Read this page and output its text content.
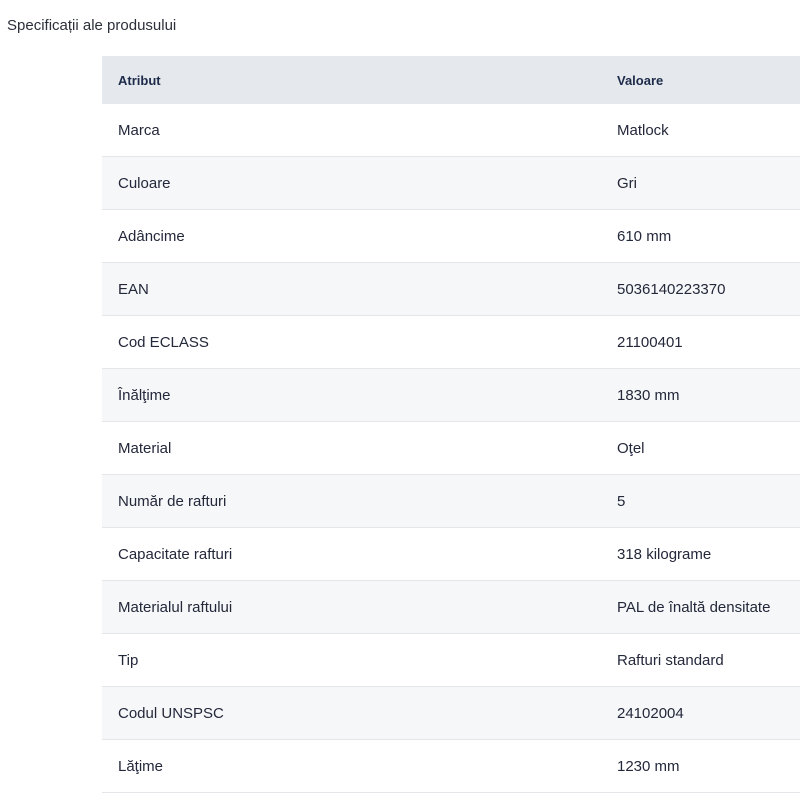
Specificații ale produsului
Atribut	Valoare
Marca	Matlock
Culoare	Gri
Adâncime	610 mm
EAN	5036140223370
Cod ECLASS	21100401
Înălţime	1830 mm
Material	Oţel
Număr de rafturi	5
Capacitate rafturi	318 kilograme
Materialul raftului	PAL de înaltă densitate
Tip	Rafturi standard
Codul UNSPSC	24102004
Lăţime	1230 mm
